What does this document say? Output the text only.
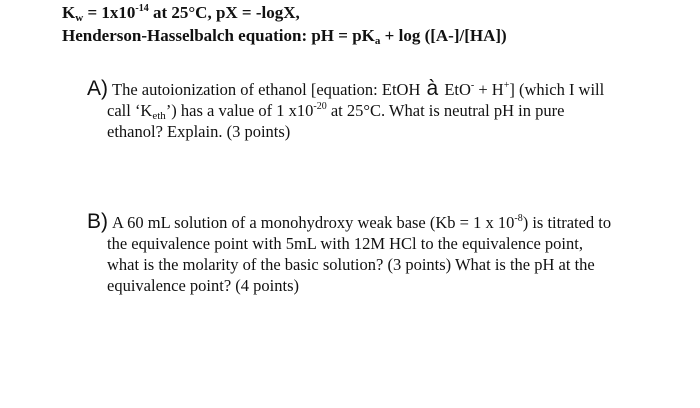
$K_w = 1x10^{-14}$ at 25°C, pX = -logX,
Henderson-Hasselbalch equation: pH = $pK_a + \log ([A-]/[HA])$
A) The autoionization of ethanol [equation: EtOH à EtO- + H+] (which I will
call ‘$K_{eth}$’) has a value of 1 $x10^{-20}$ at 25°C. What is neutral pH in pure
ethanol? Explain. (3 points)
B) A 60 mL solution of a monohydroxy weak base (Kb = 1 x $10^{-8}$) is titrated to
the equivalence point with 5mL with 12M HCl to the equivalence point,
what is the molarity of the basic solution? (3 points) What is the pH at the
equivalence point? (4 points)
